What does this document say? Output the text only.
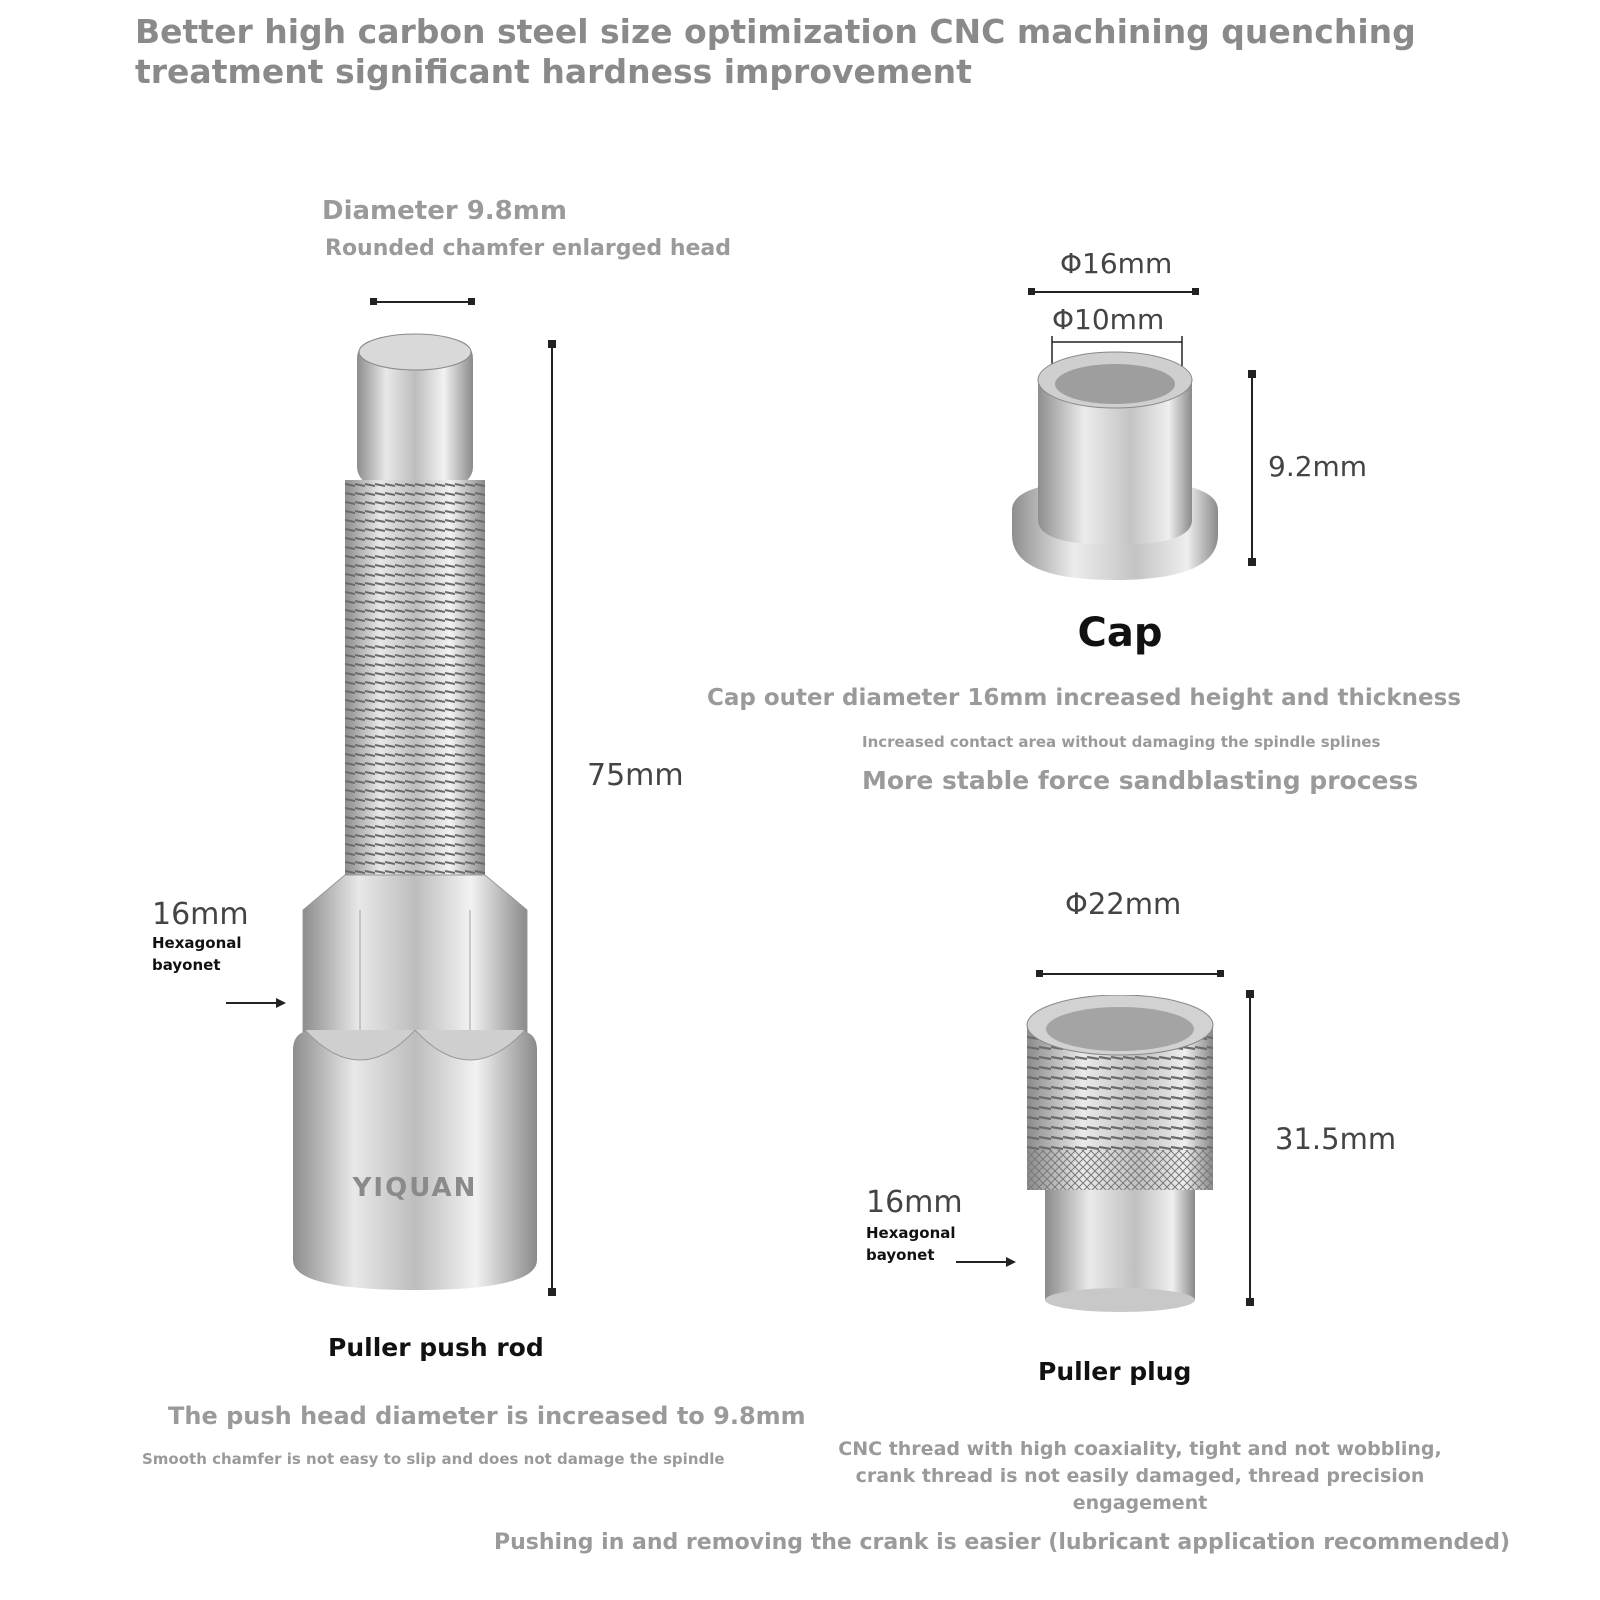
Better high carbon steel size optimization CNC machining quenching treatment significant hardness improvement
Diameter 9.8mm
Rounded chamfer enlarged head
YIQUAN
75mm
16mm
Hexagonal
bayonet
Puller push rod
The push head diameter is increased to 9.8mm
Smooth chamfer is not easy to slip and does not damage the spindle
Φ16mm
Φ10mm
9.2mm
Cap
Cap outer diameter 16mm increased height and thickness
Increased contact area without damaging the spindle splines
More stable force sandblasting process
Φ22mm
31.5mm
16mm
Hexagonal
bayonet
Puller plug
CNC thread with high coaxiality, tight and not wobbling,
crank thread is not easily damaged, thread precision
engagement
Pushing in and removing the crank is easier (lubricant application recommended)
